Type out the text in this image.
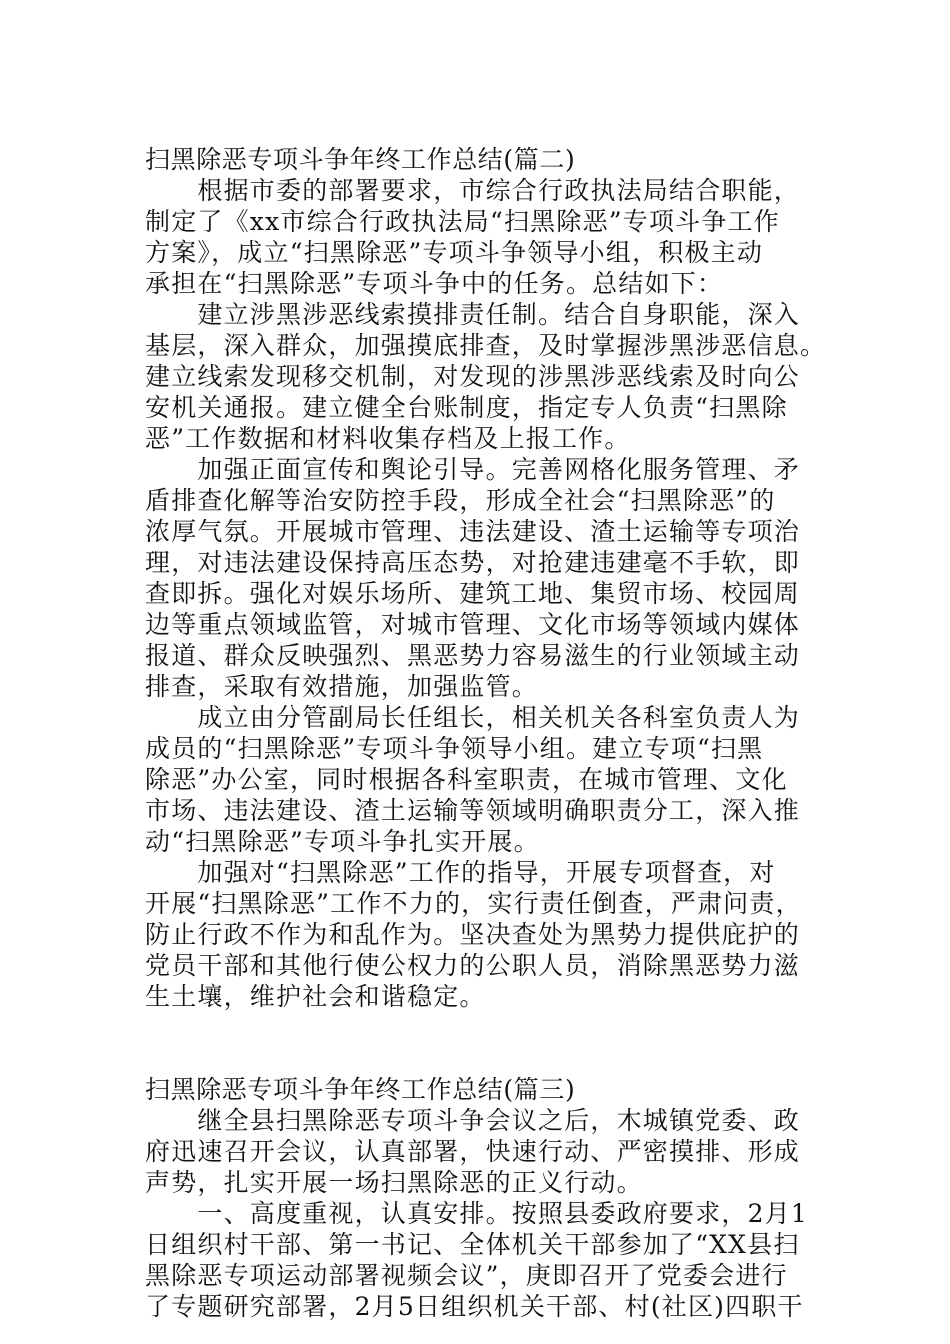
扫黑除恶专项斗争年终工作总结(篇二)
　　根据市委的部署要求，市综合行政执法局结合职能，
制定了《xx市综合行政执法局“扫黑除恶”专项斗争工作
方案》，成立“扫黑除恶”专项斗争领导小组，积极主动
承担在“扫黑除恶”专项斗争中的任务。总结如下：
　　建立涉黑涉恶线索摸排责任制。结合自身职能，深入
基层，深入群众，加强摸底排查，及时掌握涉黑涉恶信息。
建立线索发现移交机制，对发现的涉黑涉恶线索及时向公
安机关通报。建立健全台账制度，指定专人负责“扫黑除
恶”工作数据和材料收集存档及上报工作。
　　加强正面宣传和舆论引导。完善网格化服务管理、矛
盾排查化解等治安防控手段，形成全社会“扫黑除恶”的
浓厚气氛。开展城市管理、违法建设、渣土运输等专项治
理，对违法建设保持高压态势，对抢建违建毫不手软，即
查即拆。强化对娱乐场所、建筑工地、集贸市场、校园周
边等重点领域监管，对城市管理、文化市场等领域内媒体
报道、群众反映强烈、黑恶势力容易滋生的行业领域主动
排查，采取有效措施，加强监管。
　　成立由分管副局长任组长，相关机关各科室负责人为
成员的“扫黑除恶”专项斗争领导小组。建立专项“扫黑
除恶”办公室，同时根据各科室职责，在城市管理、文化
市场、违法建设、渣土运输等领域明确职责分工，深入推
动“扫黑除恶”专项斗争扎实开展。
　　加强对“扫黑除恶”工作的指导，开展专项督查，对
开展“扫黑除恶”工作不力的，实行责任倒查，严肃问责，
防止行政不作为和乱作为。坚决查处为黑势力提供庇护的
党员干部和其他行使公权力的公职人员，消除黑恶势力滋
生土壤，维护社会和谐稳定。
扫黑除恶专项斗争年终工作总结(篇三)
　　继全县扫黑除恶专项斗争会议之后，木城镇党委、政
府迅速召开会议，认真部署，快速行动、严密摸排、形成
声势，扎实开展一场扫黑除恶的正义行动。
　　一、高度重视，认真安排。按照县委政府要求，2月1
日组织村干部、第一书记、全体机关干部参加了“XX县扫
黑除恶专项运动部署视频会议”，庚即召开了党委会进行
了专题研究部署，2月5日组织机关干部、村(社区)四职干
